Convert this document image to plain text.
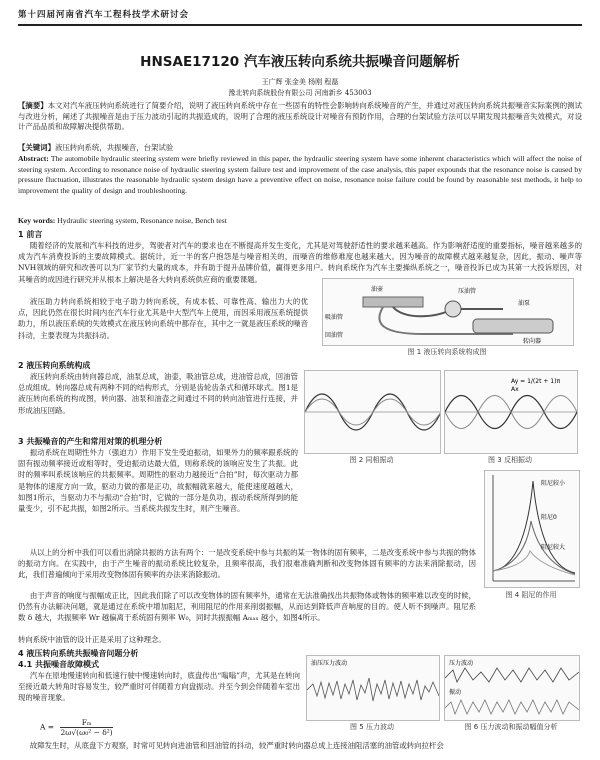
第十四届河南省汽车工程科技学术研讨会
HNSAE17120 汽车液压转向系统共振噪音问题解析
王广辉 张金美 杨刚 程磊
豫北转向系统股份有限公司 河南新乡 453003
【摘要】本文对汽车液压转向系统进行了简要介绍，说明了液压转向系统中存在一些固有的特性会影响转向系统噪音的产生，并通过对液压转向系统共振噪音实际案例的测试与改进分析，阐述了共振噪音是由于压力波动引起的共振造成的，说明了合理的液压系统设计对噪音有预防作用，合理的台架试验方法可以早期发现共振噪音失效模式，对设计产品品质和故障解决提供帮助。
【关键词】液压转向系统，共振噪音，台架试验
Abstract: The automobile hydraulic steering system were briefly reviewed in this paper, the hydraulic steering system have some inherent characteristics which will affect the noise of steering system. According to resonance noise of hydraulic steering system failure test and improvement of the case analysis, this paper expounds that the resonance noise is caused by pressure fluctuation, illustrates the reasonable hydraulic system design have a preventive effect on noise, resonance noise failure could be found by reasonable test methods, it help to improvement the quality of design and troubleshooting.
Key words: Hydraulic steering system, Resonance noise, Bench test
1 前言
随着经济的发展和汽车科技的进步，驾驶者对汽车的要求也在不断提高并发生变化，尤其是对驾驶舒适性的要求越来越高。作为影响舒适度的重要指标，噪音越来越多的成为汽车消费投诉的主要故障模式。据统计，近一半的客户抱怨是与噪音相关的，而噪音的维修难度也越来越大。因为噪音的故障模式越来越复杂，因此，振动、噪声等NVH领域的研究和改善可以为厂家节约大量的成本，并有助于提升品牌价值，赢得更多用户。转向系统作为汽车主要操纵系统之一，噪音投诉已成为其第一大投诉原因，对其噪音的成因进行研究并从根本上解决是各大转向系统供应商的重要课题。
液压助力转向系统相较于电子助力转向系统，有成本低、可靠性高、输出力大的优点，因此仍然在很长时间内在汽车行业尤其是中大型汽车上使用，而因采用液压系统提供助力，所以液压系统的失效模式在液压转向系统中都存在，其中之一就是液压系统的噪音抖动，主要表现为共振抖动。
油壶	压油管
油泵
吸油管
回油管
转向器
图 1 液压转向系统构成图
2 液压转向系统构成
液压转向系统由转向器总成，油泵总成，油壶，吸油管总成，进油管总成，回油管总成组成。转向器总成有两种不同的结构形式，分别是齿轮齿条式和循环球式。图1是液压转向系统的构成图，转向器、油泵和油壶之间通过不同的转向油管进行连接，并形成油压回路。
图 2 同相振动
Ay = 1/(2t + 1)π
Ax
图 3 反相振动
3 共振噪音的产生和常用对策的机理分析
振动系统在周期性外力（强迫力）作用下发生受迫振动，如果外力的频率跟系统的固有振动频率接近或相等时，受迫振动达最大值，则称系统的该响应发生了共振。此时的频率叫系统该响应的共振频率。周期性的驱动力越接近“合拍”时，每次驱动力都是物体的速度方向一致，驱动力做的都是正功，故振幅就来越大，能使速度越越大，如图1所示，当驱动力不与振动“合拍”时，它做的一部分是负功，振动系统所得到的能量变少，引不起共振，如图2所示。当系统共振发生时，则产生噪音。
从以上的分析中我们可以看出消除共振的方法有两个：一是改变系统中参与共振的某一物体的固有频率，二是改变系统中参与共振的物体的振动方向。在实践中，由于产生噪音的振动系统比较复杂，且频率很高，我们很难准确判断和改变物体固有频率的方法来消除振动，因此，我们普遍倾向于采用改变物体固有频率的办法来消除振动。
由于声音的响度与振幅成正比，因此我们除了可以改变物体的固有频率外，通常在无法准确找出共振物体或物体的频率难以改变的时候，仍然有办法解决问题，就是通过在系统中增加阻尼，利用阻尼的作用来削弱振幅，从而达到降低声音响度的目的。使人听不到噪声。阻尼系数 δ 越大，共振频率 Wr 越偏离于系统固有频率 W₀，同时共振振幅 Aₘₐₓ 越小，如图4所示。
转向系统中油管的设计正是采用了这种理念。
阻尼较小
阻尼0
阻尼较大
图 4 阻尼的作用
4 液压转向系统共振噪音问题分析
4.1 共振噪音故障模式
汽车在原地慢速转向和低速行驶中慢速转向时，底盘传出“嗡嗡”声，尤其是在转向至接近最大转角时容易发生，较严重时可伴随着方向盘振动。并至今到会伴随着车室出现的噪音现象。
$A = \frac{\text{Fₘ}}{\text{2ω√(ω₀² − δ²)}}$
油压压力波动
图 5 压力波动
压力波动
振动
图 6 压力波动和振动幅值分析
故障发生时，从底盘下方观察，时常可见转向进油管和回油管的抖动，较严重时转向器总成上连接油阻活塞的油管或转向拉杆会
